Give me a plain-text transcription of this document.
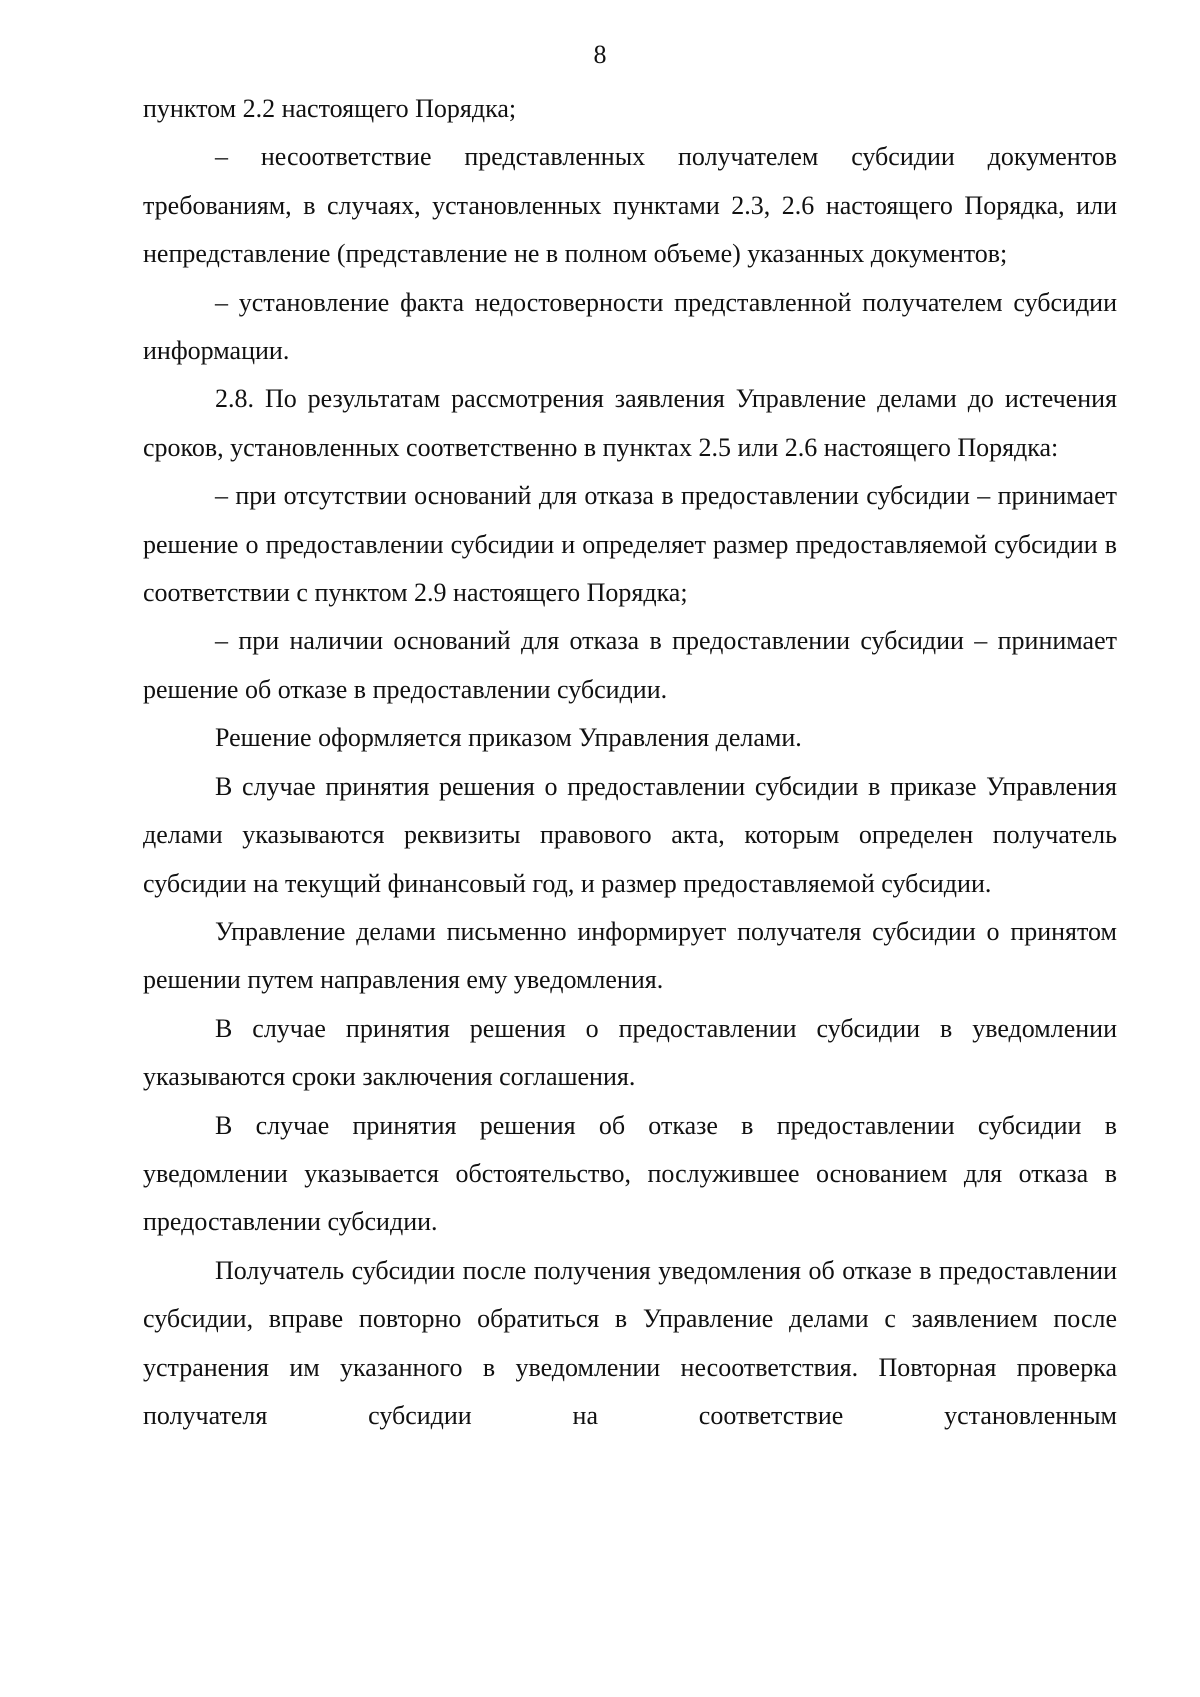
8

пунктом 2.2 настоящего Порядка;

– несоответствие представленных получателем субсидии документов требованиям, в случаях, установленных пунктами 2.3, 2.6 настоящего Порядка, или непредставление (представление не в полном объеме) указанных документов;

– установление факта недостоверности представленной получателем субсидии информации.

2.8. По результатам рассмотрения заявления Управление делами до истечения сроков, установленных соответственно в пунктах 2.5 или 2.6 настоящего Порядка:

– при отсутствии оснований для отказа в предоставлении субсидии – принимает решение о предоставлении субсидии и определяет размер предоставляемой субсидии в соответствии с пунктом 2.9 настоящего Порядка;

– при наличии оснований для отказа в предоставлении субсидии – принимает решение об отказе в предоставлении субсидии.

Решение оформляется приказом Управления делами.

В случае принятия решения о предоставлении субсидии в приказе Управления делами указываются реквизиты правового акта, которым определен получатель субсидии на текущий финансовый год, и размер предоставляемой субсидии.

Управление делами письменно информирует получателя субсидии о принятом решении путем направления ему уведомления.

В случае принятия решения о предоставлении субсидии в уведомлении указываются сроки заключения соглашения.

В случае принятия решения об отказе в предоставлении субсидии в уведомлении указывается обстоятельство, послужившее основанием для отказа в предоставлении субсидии.

Получатель субсидии после получения уведомления об отказе в предоставлении субсидии, вправе повторно обратиться в Управление делами с заявлением после устранения им указанного в уведомлении несоответствия. Повторная проверка получателя субсидии на соответствие установленным
